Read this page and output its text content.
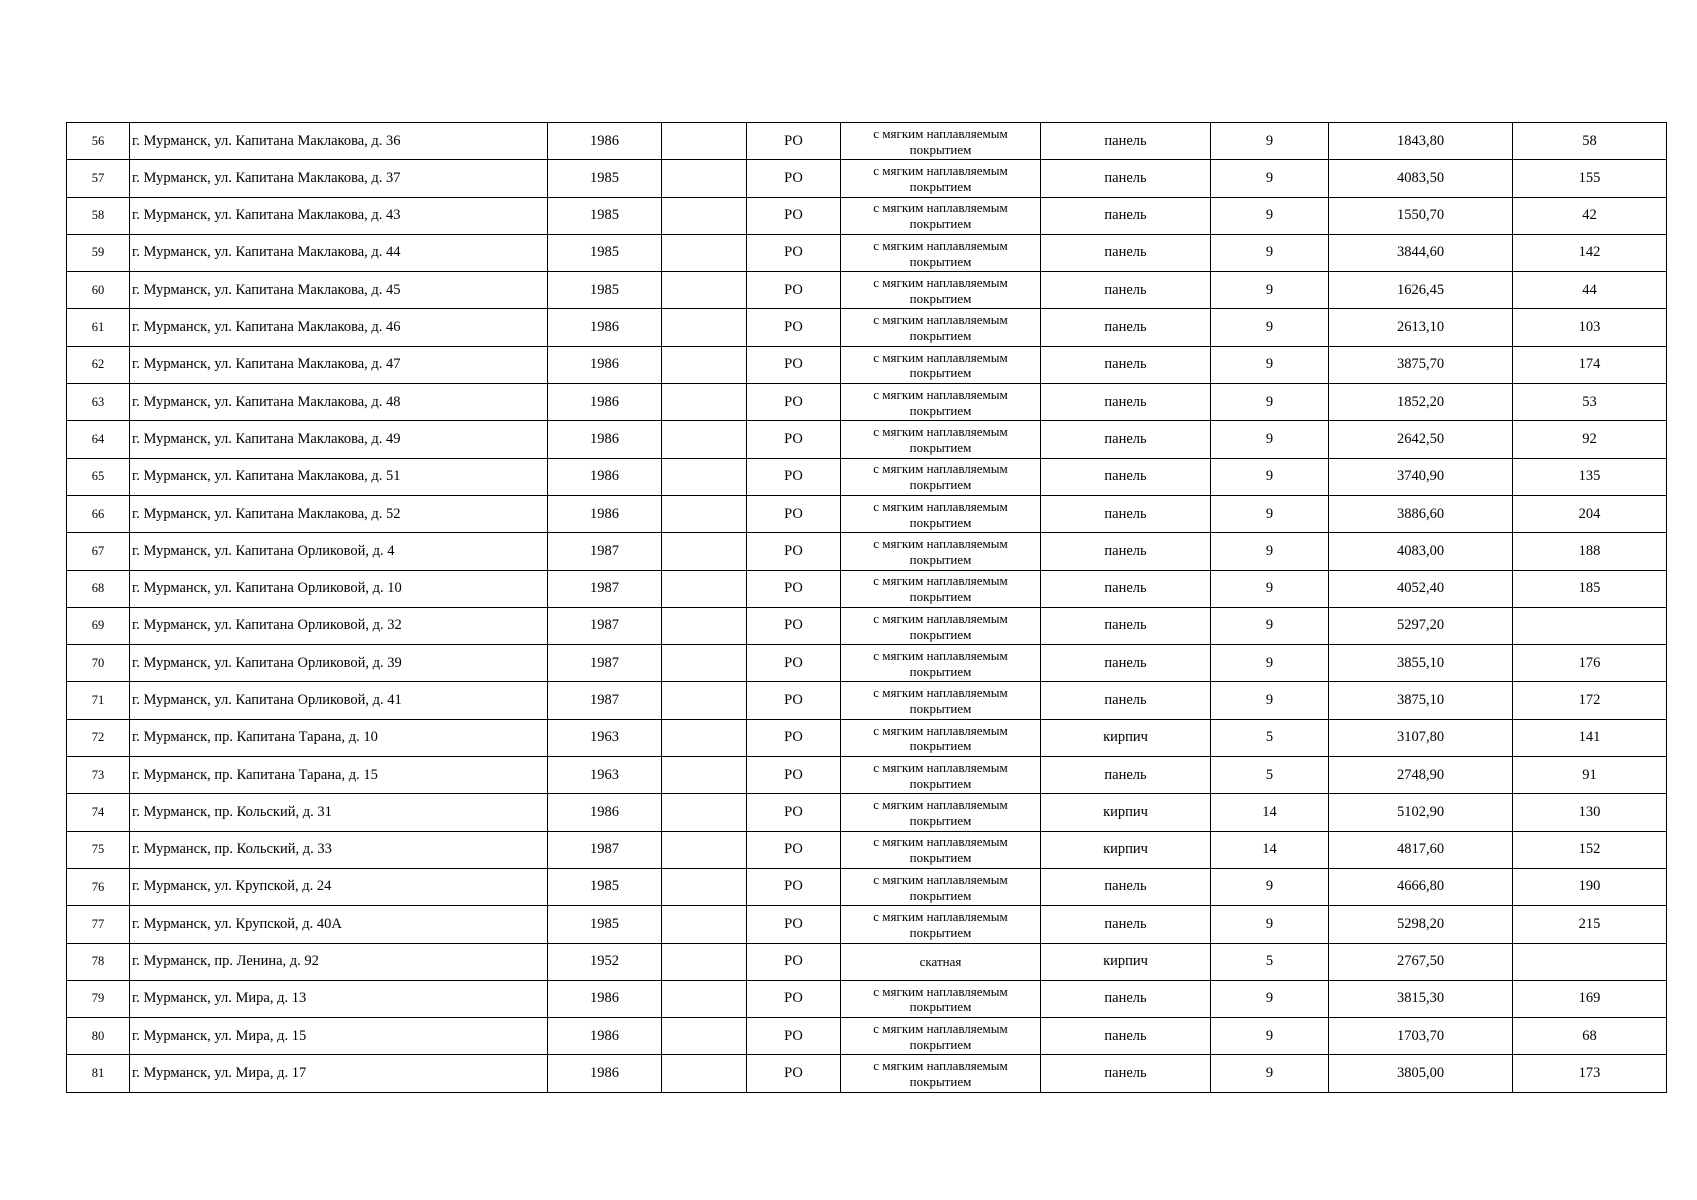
56	г. Мурманск, ул. Капитана Маклакова, д. 36	1986		РО	с мягким наплавляемым покрытием	панель	9	1843,80	58
57	г. Мурманск, ул. Капитана Маклакова, д. 37	1985		РО	с мягким наплавляемым покрытием	панель	9	4083,50	155
58	г. Мурманск, ул. Капитана Маклакова, д. 43	1985		РО	с мягким наплавляемым покрытием	панель	9	1550,70	42
59	г. Мурманск, ул. Капитана Маклакова, д. 44	1985		РО	с мягким наплавляемым покрытием	панель	9	3844,60	142
60	г. Мурманск, ул. Капитана Маклакова, д. 45	1985		РО	с мягким наплавляемым покрытием	панель	9	1626,45	44
61	г. Мурманск, ул. Капитана Маклакова, д. 46	1986		РО	с мягким наплавляемым покрытием	панель	9	2613,10	103
62	г. Мурманск, ул. Капитана Маклакова, д. 47	1986		РО	с мягким наплавляемым покрытием	панель	9	3875,70	174
63	г. Мурманск, ул. Капитана Маклакова, д. 48	1986		РО	с мягким наплавляемым покрытием	панель	9	1852,20	53
64	г. Мурманск, ул. Капитана Маклакова, д. 49	1986		РО	с мягким наплавляемым покрытием	панель	9	2642,50	92
65	г. Мурманск, ул. Капитана Маклакова, д. 51	1986		РО	с мягким наплавляемым покрытием	панель	9	3740,90	135
66	г. Мурманск, ул. Капитана Маклакова, д. 52	1986		РО	с мягким наплавляемым покрытием	панель	9	3886,60	204
67	г. Мурманск, ул. Капитана Орликовой, д. 4	1987		РО	с мягким наплавляемым покрытием	панель	9	4083,00	188
68	г. Мурманск, ул. Капитана Орликовой, д. 10	1987		РО	с мягким наплавляемым покрытием	панель	9	4052,40	185
69	г. Мурманск, ул. Капитана Орликовой, д. 32	1987		РО	с мягким наплавляемым покрытием	панель	9	5297,20	
70	г. Мурманск, ул. Капитана Орликовой, д. 39	1987		РО	с мягким наплавляемым покрытием	панель	9	3855,10	176
71	г. Мурманск, ул. Капитана Орликовой, д. 41	1987		РО	с мягким наплавляемым покрытием	панель	9	3875,10	172
72	г. Мурманск, пр. Капитана Тарана, д. 10	1963		РО	с мягким наплавляемым покрытием	кирпич	5	3107,80	141
73	г. Мурманск, пр. Капитана Тарана, д. 15	1963		РО	с мягким наплавляемым покрытием	панель	5	2748,90	91
74	г. Мурманск, пр. Кольский, д. 31	1986		РО	с мягким наплавляемым покрытием	кирпич	14	5102,90	130
75	г. Мурманск, пр. Кольский, д. 33	1987		РО	с мягким наплавляемым покрытием	кирпич	14	4817,60	152
76	г. Мурманск, ул. Крупской, д. 24	1985		РО	с мягким наплавляемым покрытием	панель	9	4666,80	190
77	г. Мурманск, ул. Крупской, д. 40А	1985		РО	с мягким наплавляемым покрытием	панель	9	5298,20	215
78	г. Мурманск, пр. Ленина, д. 92	1952		РО	скатная	кирпич	5	2767,50	
79	г. Мурманск, ул. Мира, д. 13	1986		РО	с мягким наплавляемым покрытием	панель	9	3815,30	169
80	г. Мурманск, ул. Мира, д. 15	1986		РО	с мягким наплавляемым покрытием	панель	9	1703,70	68
81	г. Мурманск, ул. Мира, д. 17	1986		РО	с мягким наплавляемым покрытием	панель	9	3805,00	173
